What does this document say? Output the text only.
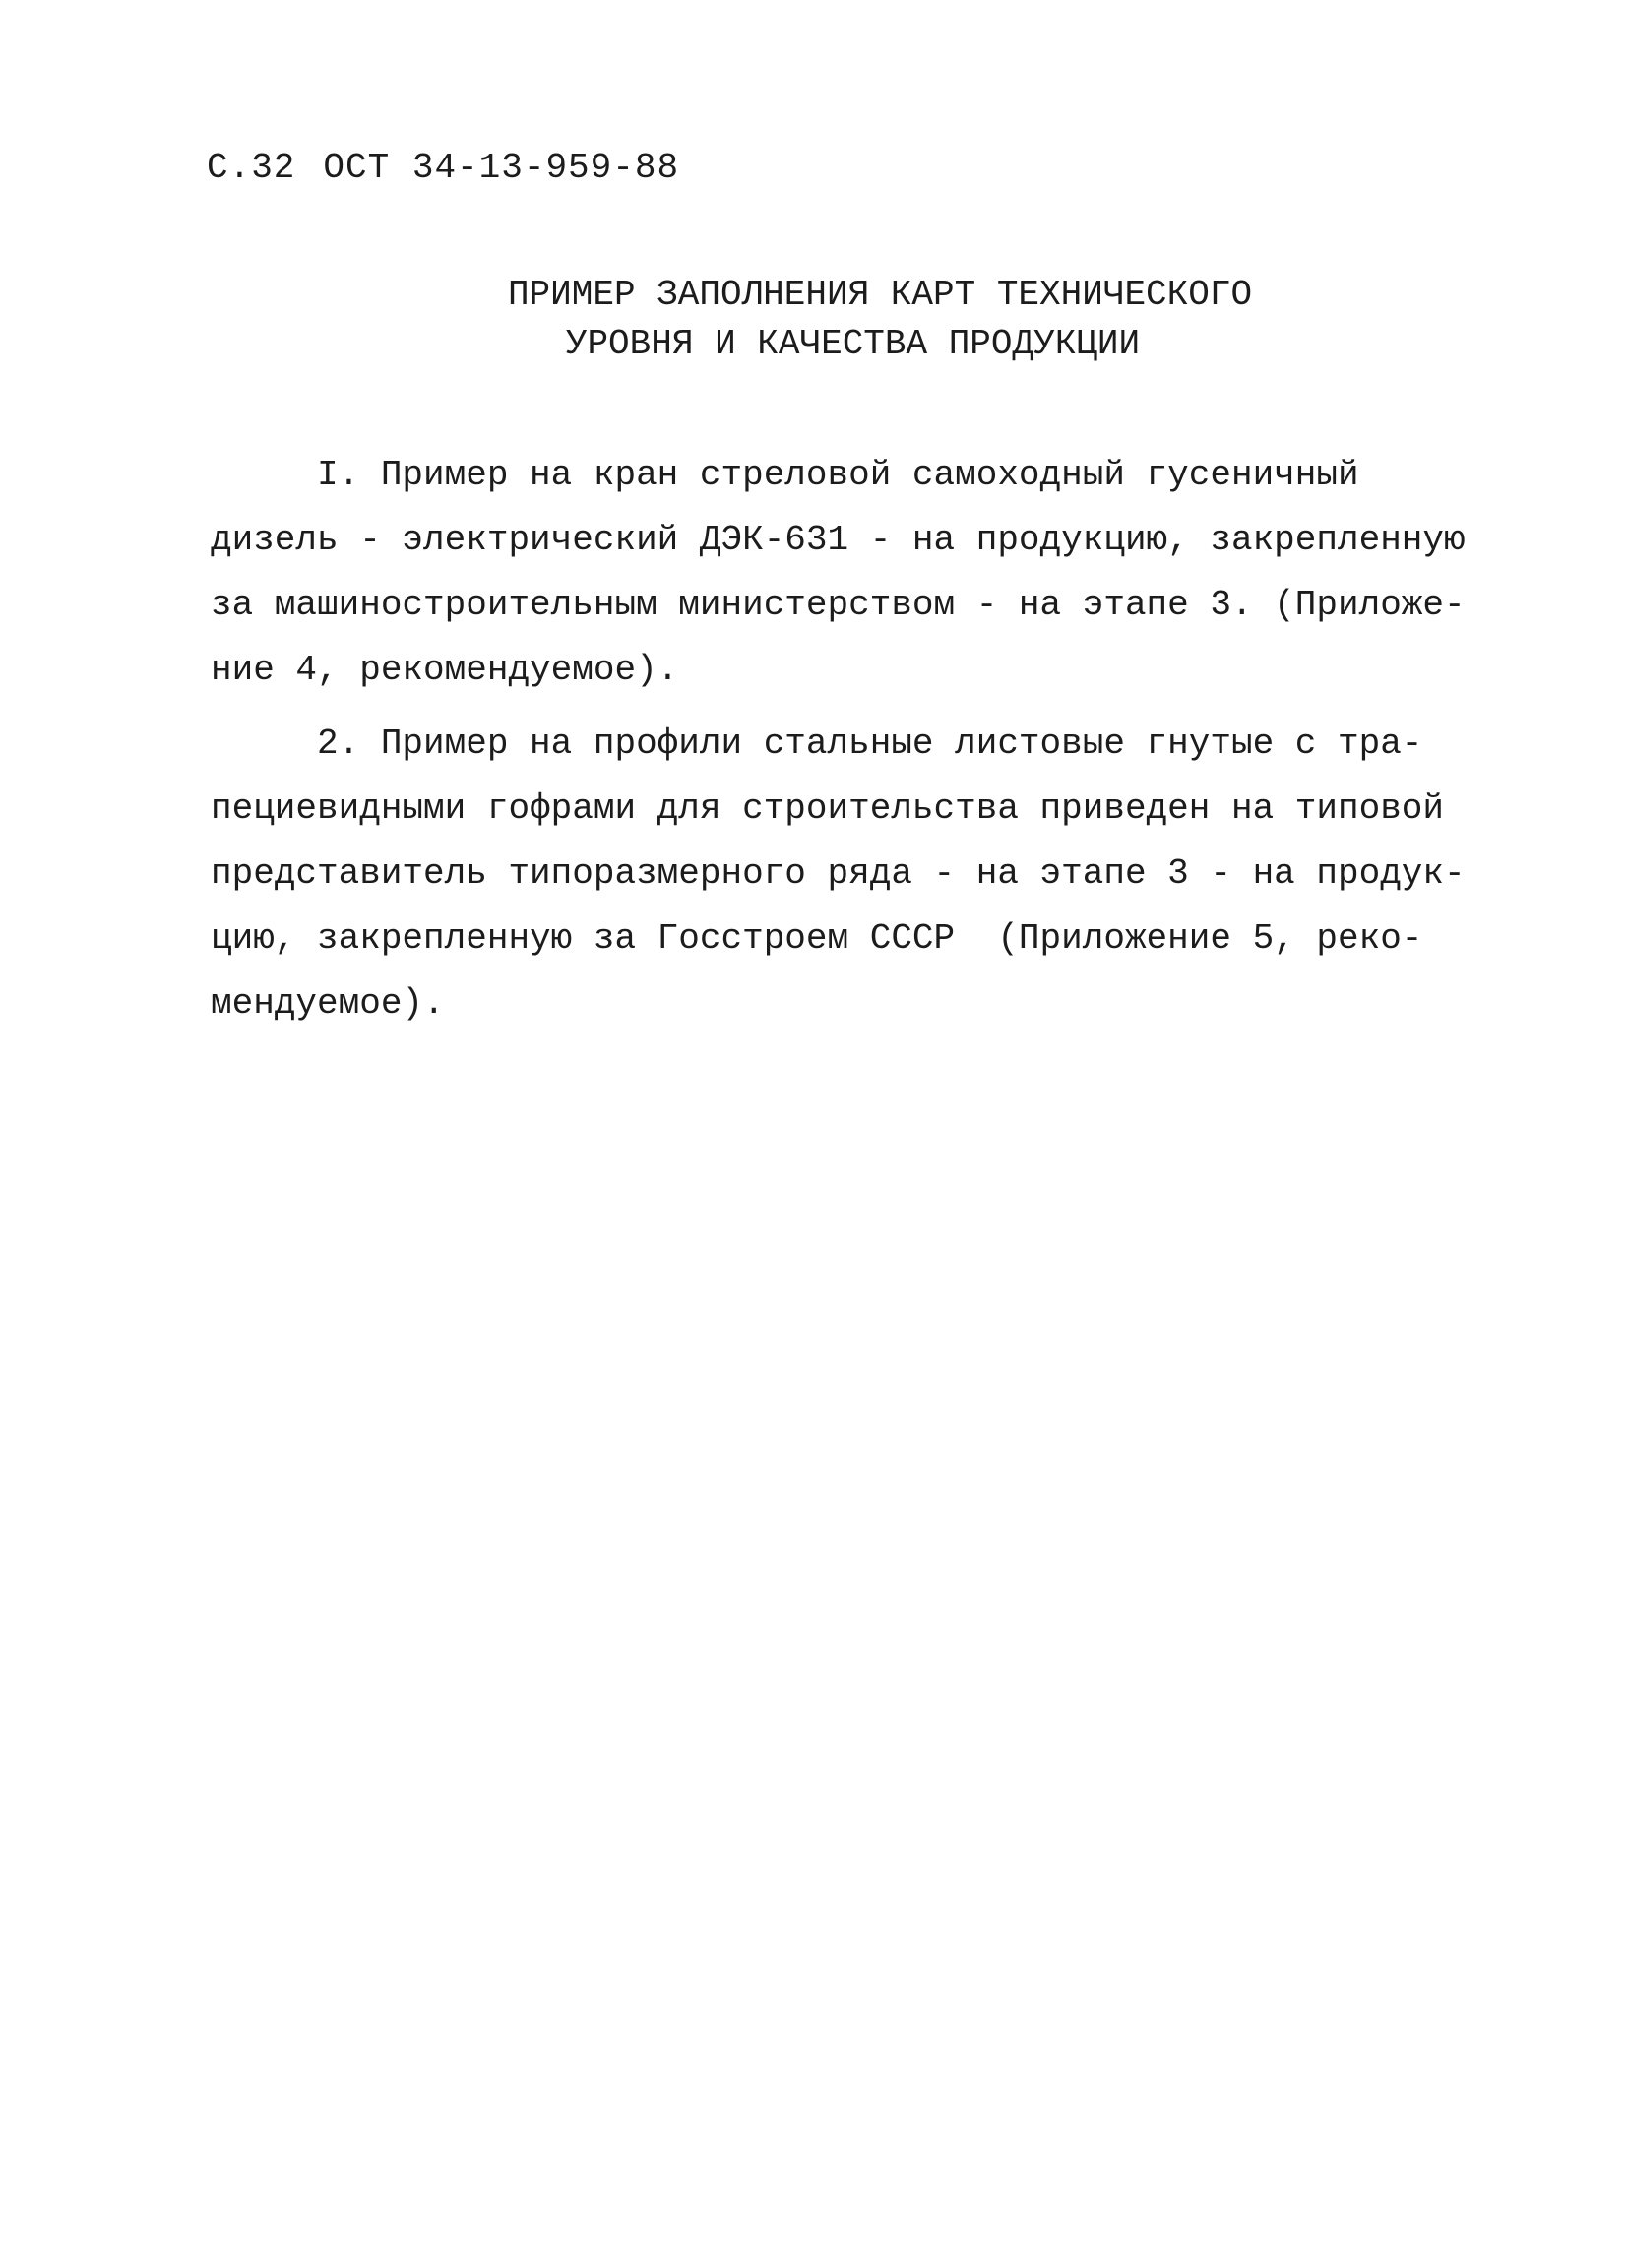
С.32 ОСТ 34-13-959-88
ПРИМЕР ЗАПОЛНЕНИЯ КАРТ ТЕХНИЧЕСКОГО
УРОВНЯ И КАЧЕСТВА ПРОДУКЦИИ
I. Пример на кран стреловой самоходный гусеничный
дизель - электрический ДЭК-631 - на продукцию, закрепленную
за машиностроительным министерством - на этапе 3. (Приложе-
ние 4, рекомендуемое).
2. Пример на профили стальные листовые гнутые с тра-
пециевидными гофрами для строительства приведен на типовой
представитель типоразмерного ряда - на этапе 3 - на продук-
цию, закрепленную за Госстроем СССР  (Приложение 5, реко-
мендуемое).
